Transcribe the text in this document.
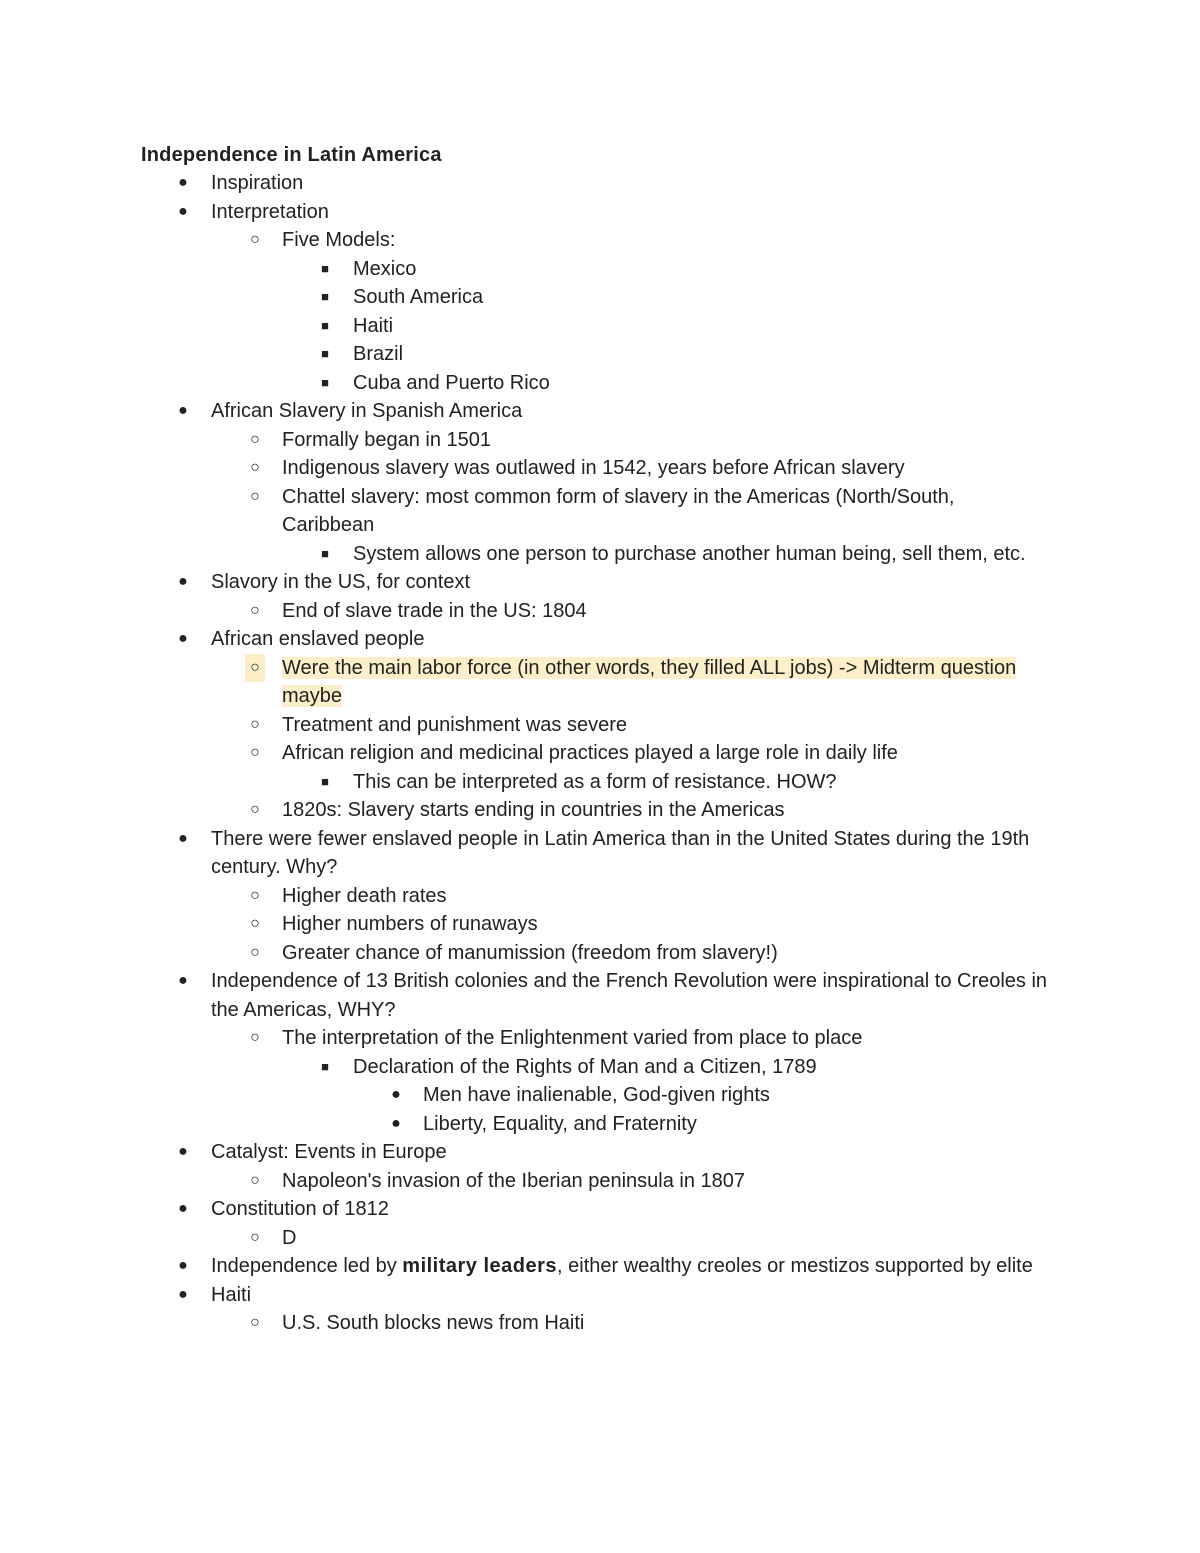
Independence in Latin America
● Inspiration
● Interpretation
○ Five Models:
■	Mexico
■	South America
■	Haiti
■	Brazil
■	Cuba and Puerto Rico
● African Slavery in Spanish America
○ Formally began in 1501
○ Indigenous slavery was outlawed in 1542, years before African slavery
○ Chattel slavery: most common form of slavery in the Americas (North/South, Caribbean
■	System allows one person to purchase another human being, sell them, etc.
● Slavory in the US, for context
○ End of slave trade in the US: 1804
● African enslaved people
○ Were the main labor force (in other words, they filled ALL jobs) -> Midterm question maybe
○ Treatment and punishment was severe
○ African religion and medicinal practices played a large role in daily life
■	This can be interpreted as a form of resistance. HOW?
○ 1820s: Slavery starts ending in countries in the Americas
● There were fewer enslaved people in Latin America than in the United States during the 19th century. Why?
○ Higher death rates
○ Higher numbers of runaways
○ Greater chance of manumission (freedom from slavery!)
● Independence of 13 British colonies and the French Revolution were inspirational to Creoles in the Americas, WHY?
○ The interpretation of the Enlightenment varied from place to place
■	Declaration of the Rights of Man and a Citizen, 1789
● Men have inalienable, God-given rights
● Liberty, Equality, and Fraternity
● Catalyst: Events in Europe
○ Napoleon's invasion of the Iberian peninsula in 1807
● Constitution of 1812
○ D
● Independence led by military leaders, either wealthy creoles or mestizos supported by elite
● Haiti
○ U.S. South blocks news from Haiti
